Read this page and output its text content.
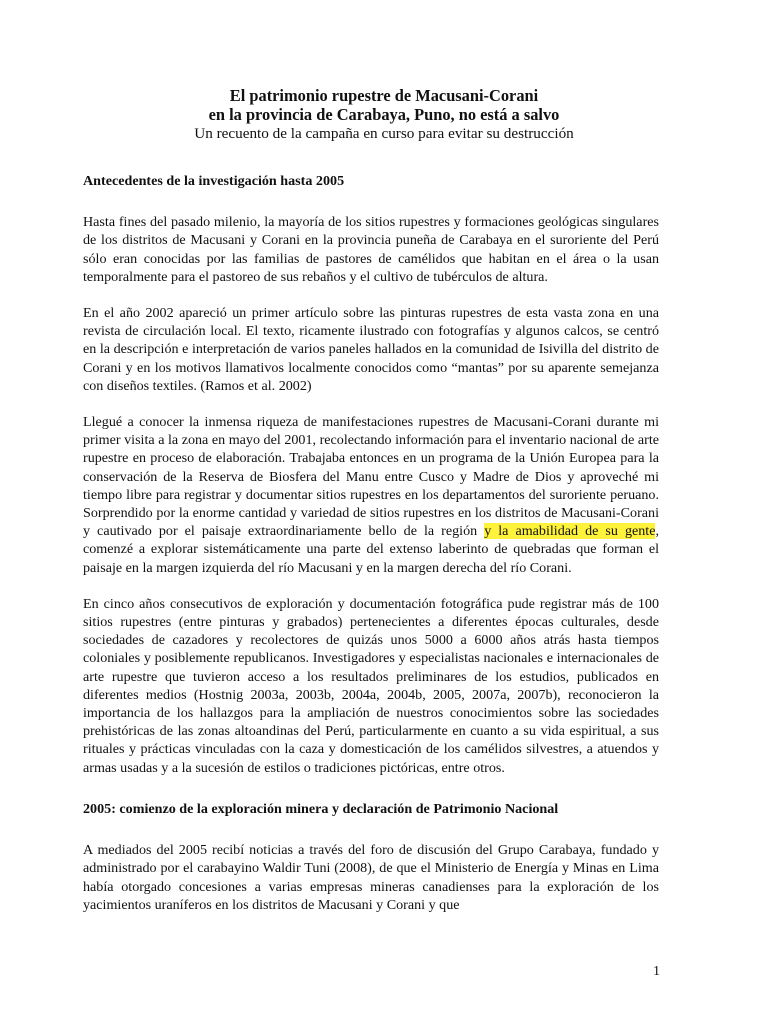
El patrimonio rupestre de Macusani-Corani

en la provincia de Carabaya, Puno, no está a salvo

Un recuento de la campaña en curso para evitar su destrucción

Antecedentes de la investigación hasta 2005

Hasta fines del pasado milenio, la mayoría de los sitios rupestres y formaciones geológicas singulares de los distritos de Macusani y Corani en la provincia puneña de Carabaya en el suroriente del Perú sólo eran conocidas por las familias de pastores de camélidos que habitan en el área o la usan temporalmente para el pastoreo de sus rebaños y el cultivo de tubérculos de altura.

En el año 2002 apareció un primer artículo sobre las pinturas rupestres de esta vasta zona en una revista de circulación local. El texto, ricamente ilustrado con fotografías y algunos calcos, se centró en la descripción e interpretación de varios paneles hallados en la comunidad de Isivilla del distrito de Corani y en los motivos llamativos localmente conocidos como “mantas” por su aparente semejanza con diseños textiles. (Ramos et al. 2002)

Llegué a conocer la inmensa riqueza de manifestaciones rupestres de Macusani-Corani durante mi primer visita a la zona en mayo del 2001, recolectando información para el inventario nacional de arte rupestre en proceso de elaboración. Trabajaba entonces en un programa de la Unión Europea para la conservación de la Reserva de Biosfera del Manu entre Cusco y Madre de Dios y aproveché mi tiempo libre para registrar y documentar sitios rupestres en los departamentos del suroriente peruano. Sorprendido por la enorme cantidad y variedad de sitios rupestres en los distritos de Macusani-Corani y cautivado por el paisaje extraordinariamente bello de la región y la amabilidad de su gente, comenzé a explorar sistemáticamente una parte del extenso laberinto de quebradas que forman el paisaje en la margen izquierda del río Macusani y en la margen derecha del río Corani.

En cinco años consecutivos de exploración y documentación fotográfica pude registrar más de 100 sitios rupestres (entre pinturas y grabados) pertenecientes a diferentes épocas culturales, desde sociedades de cazadores y recolectores de quizás unos 5000 a 6000 años atrás hasta tiempos coloniales y posiblemente republicanos. Investigadores y especialistas nacionales e internacionales de arte rupestre que tuvieron acceso a los resultados preliminares de los estudios, publicados en diferentes medios (Hostnig 2003a, 2003b, 2004a, 2004b, 2005, 2007a, 2007b), reconocieron la importancia de los hallazgos para la ampliación de nuestros conocimientos sobre las sociedades prehistóricas de las zonas altoandinas del Perú, particularmente en cuanto a su vida espiritual, a sus rituales y prácticas vinculadas con la caza y domesticación de los camélidos silvestres, a atuendos y armas usadas y a la sucesión de estilos o tradiciones pictóricas, entre otros.

2005: comienzo de la exploración minera y declaración de Patrimonio Nacional

A mediados del 2005 recibí noticias a través del foro de discusión del Grupo Carabaya, fundado y administrado por el carabayino Waldir Tuni (2008), de que el Ministerio de Energía y Minas en Lima había otorgado concesiones a varias empresas mineras canadienses para la exploración de los yacimientos uraníferos en los distritos de Macusani y Corani y que

1
